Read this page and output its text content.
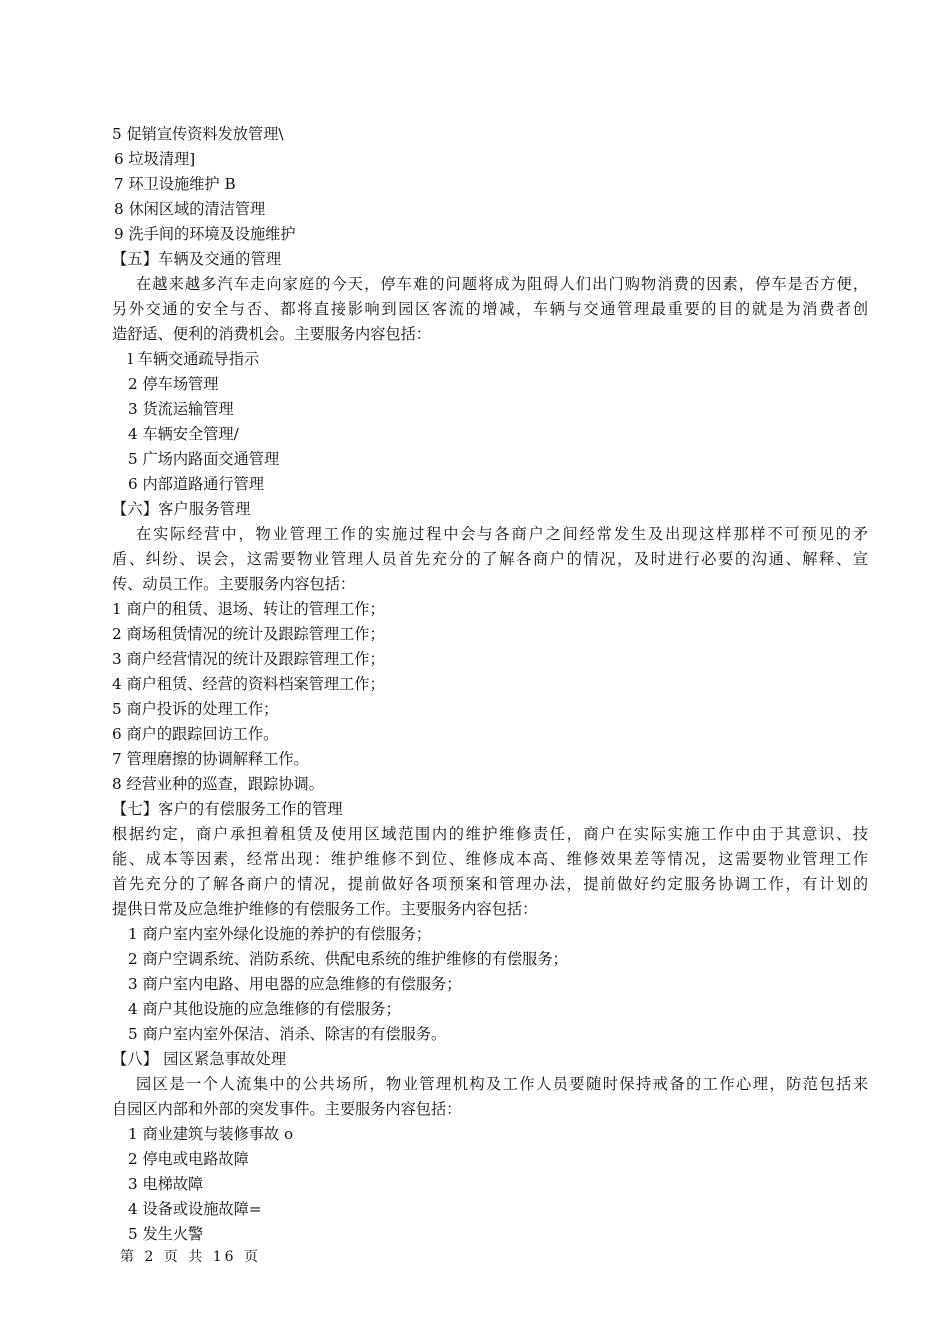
5 促销宣传资料发放管理\
6 垃圾清理]
7 环卫设施维护 B
8 休闲区域的清洁管理
9 洗手间的环境及设施维护
【五】车辆及交通的管理
在越来越多汽车走向家庭的今天，停车难的问题将成为阻碍人们出门购物消费的因素，停车是否方便，
另外交通的安全与否、都将直接影响到园区客流的增减，车辆与交通管理最重要的目的就是为消费者创
造舒适、便利的消费机会。主要服务内容包括：
l 车辆交通疏导指示
2 停车场管理
3 货流运输管理
4 车辆安全管理/
5 广场内路面交通管理
6 内部道路通行管理
【六】客户服务管理
在实际经营中，物业管理工作的实施过程中会与各商户之间经常发生及出现这样那样不可预见的矛
盾、纠纷、误会，这需要物业管理人员首先充分的了解各商户的情况，及时进行必要的沟通、解释、宣
传、动员工作。主要服务内容包括：
1 商户的租赁、退场、转让的管理工作；
2 商场租赁情况的统计及跟踪管理工作；
3 商户经营情况的统计及跟踪管理工作；
4 商户租赁、经营的资料档案管理工作；
5 商户投诉的处理工作；
6 商户的跟踪回访工作。
7 管理磨擦的协调解释工作。
8 经营业种的巡查，跟踪协调。
【七】客户的有偿服务工作的管理
根据约定，商户承担着租赁及使用区域范围内的维护维修责任，商户在实际实施工作中由于其意识、技
能、成本等因素，经常出现：维护维修不到位、维修成本高、维修效果差等情况，这需要物业管理工作
首先充分的了解各商户的情况，提前做好各项预案和管理办法，提前做好约定服务协调工作，有计划的
提供日常及应急维护维修的有偿服务工作。主要服务内容包括：
1 商户室内室外绿化设施的养护的有偿服务；
2 商户空调系统、消防系统、供配电系统的维护维修的有偿服务；
3 商户室内电路、用电器的应急维修的有偿服务；
4 商户其他设施的应急维修的有偿服务；
5 商户室内室外保洁、消杀、除害的有偿服务。
【八】 园区紧急事故处理
园区是一个人流集中的公共场所，物业管理机构及工作人员要随时保持戒备的工作心理，防范包括来
自园区内部和外部的突发事件。主要服务内容包括：
1 商业建筑与装修事故 o
2 停电或电路故障
3 电梯故障
4 设备或设施故障=
5 发生火警
第 2 页 共 16 页
